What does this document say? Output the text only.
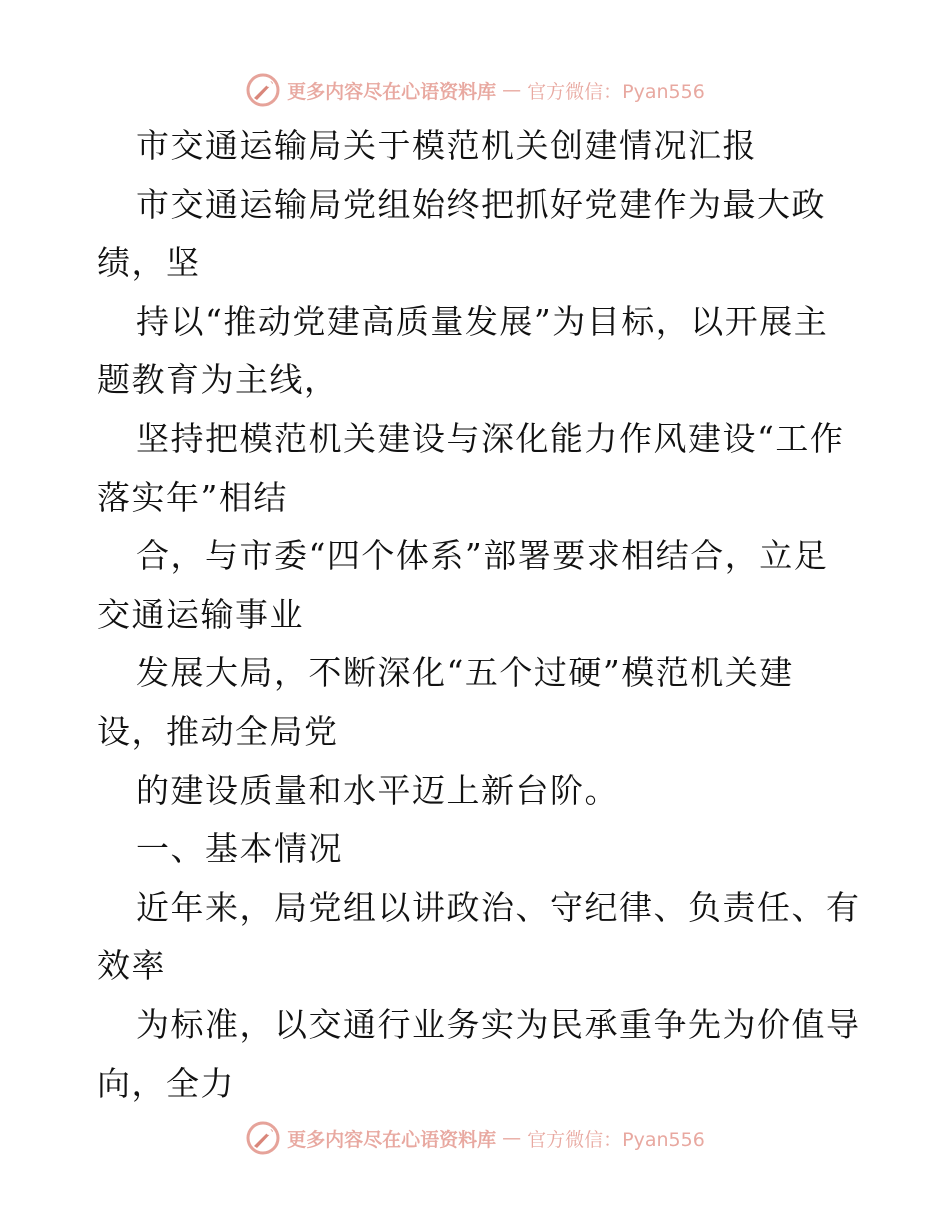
更多内容尽在心语资料库 — 官方微信：Pyan556
市交通运输局关于模范机关创建情况汇报
市交通运输局党组始终把抓好党建作为最大政
绩，坚
持以“推动党建高质量发展”为目标，以开展主
题教育为主线，
坚持把模范机关建设与深化能力作风建设“工作
落实年”相结
合，与市委“四个体系”部署要求相结合，立足
交通运输事业
发展大局，不断深化“五个过硬”模范机关建
设，推动全局党
的建设质量和水平迈上新台阶。
一、基本情况
近年来，局党组以讲政治、守纪律、负责任、有
效率
为标准，以交通行业务实为民承重争先为价值导
向，全力
更多内容尽在心语资料库 — 官方微信：Pyan556
